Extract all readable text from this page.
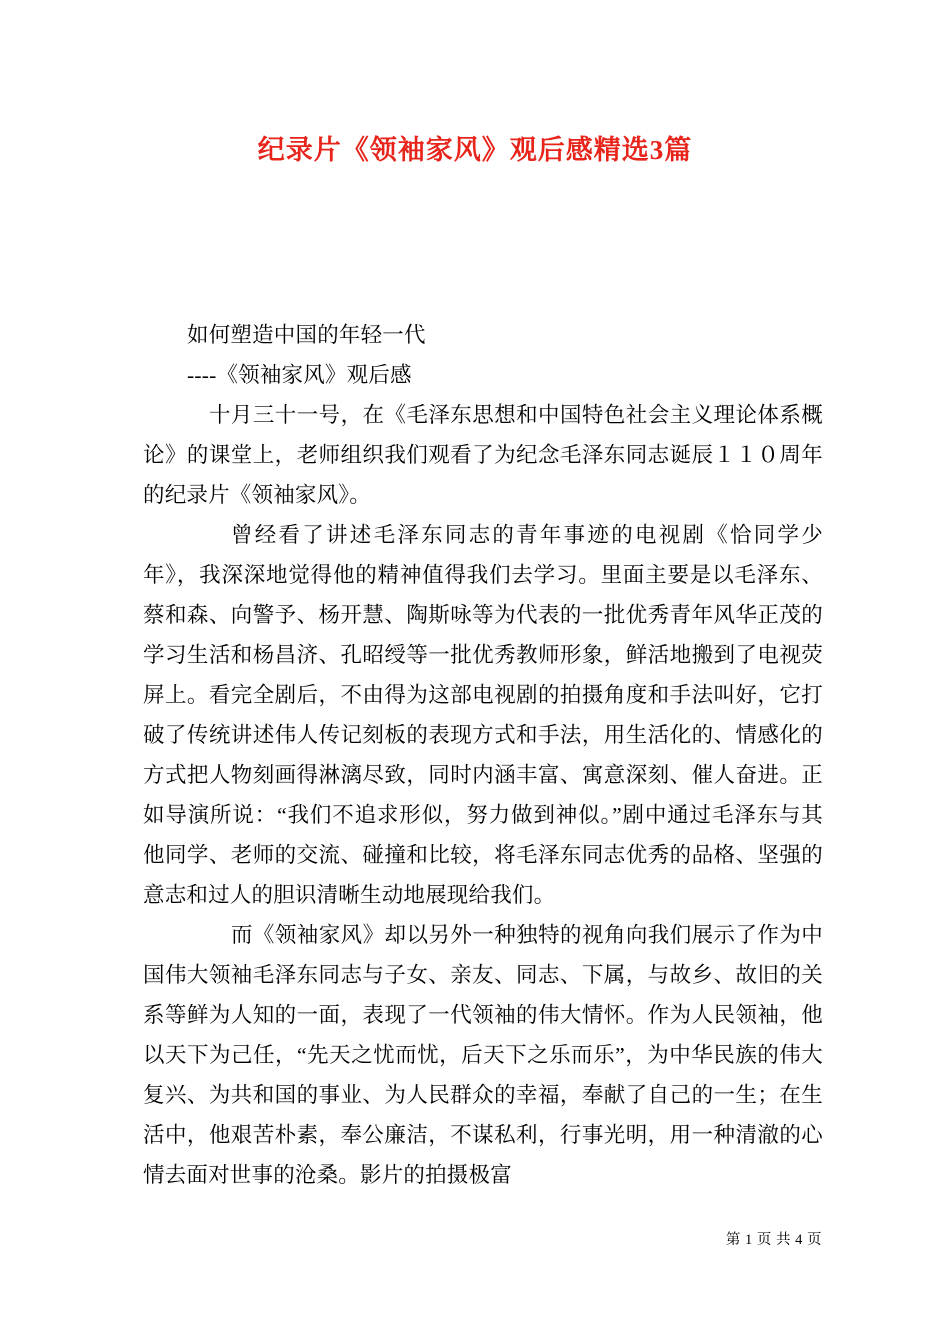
纪录片《领袖家风》观后感精选3篇

如何塑造中国的年轻一代

----《领袖家风》观后感

十月三十一号，在《毛泽东思想和中国特色社会主义理论体系概论》的课堂上，老师组织我们观看了为纪念毛泽东同志诞辰１１０周年的纪录片《领袖家风》。

曾经看了讲述毛泽东同志的青年事迹的电视剧《恰同学少年》，我深深地觉得他的精神值得我们去学习。里面主要是以毛泽东、蔡和森、向警予、杨开慧、陶斯咏等为代表的一批优秀青年风华正茂的学习生活和杨昌济、孔昭绶等一批优秀教师形象，鲜活地搬到了电视荧屏上。看完全剧后，不由得为这部电视剧的拍摄角度和手法叫好，它打破了传统讲述伟人传记刻板的表现方式和手法，用生活化的、情感化的方式把人物刻画得淋漓尽致，同时内涵丰富、寓意深刻、催人奋进。正如导演所说：“我们不追求形似，努力做到神似。”剧中通过毛泽东与其他同学、老师的交流、碰撞和比较，将毛泽东同志优秀的品格、坚强的意志和过人的胆识清晰生动地展现给我们。

而《领袖家风》却以另外一种独特的视角向我们展示了作为中国伟大领袖毛泽东同志与子女、亲友、同志、下属，与故乡、故旧的关系等鲜为人知的一面，表现了一代领袖的伟大情怀。作为人民领袖，他以天下为己任，“先天之忧而忧，后天下之乐而乐”，为中华民族的伟大复兴、为共和国的事业、为人民群众的幸福，奉献了自己的一生；在生活中，他艰苦朴素，奉公廉洁，不谋私利，行事光明，用一种清澈的心情去面对世事的沧桑。影片的拍摄极富

第 1 页 共 4 页
